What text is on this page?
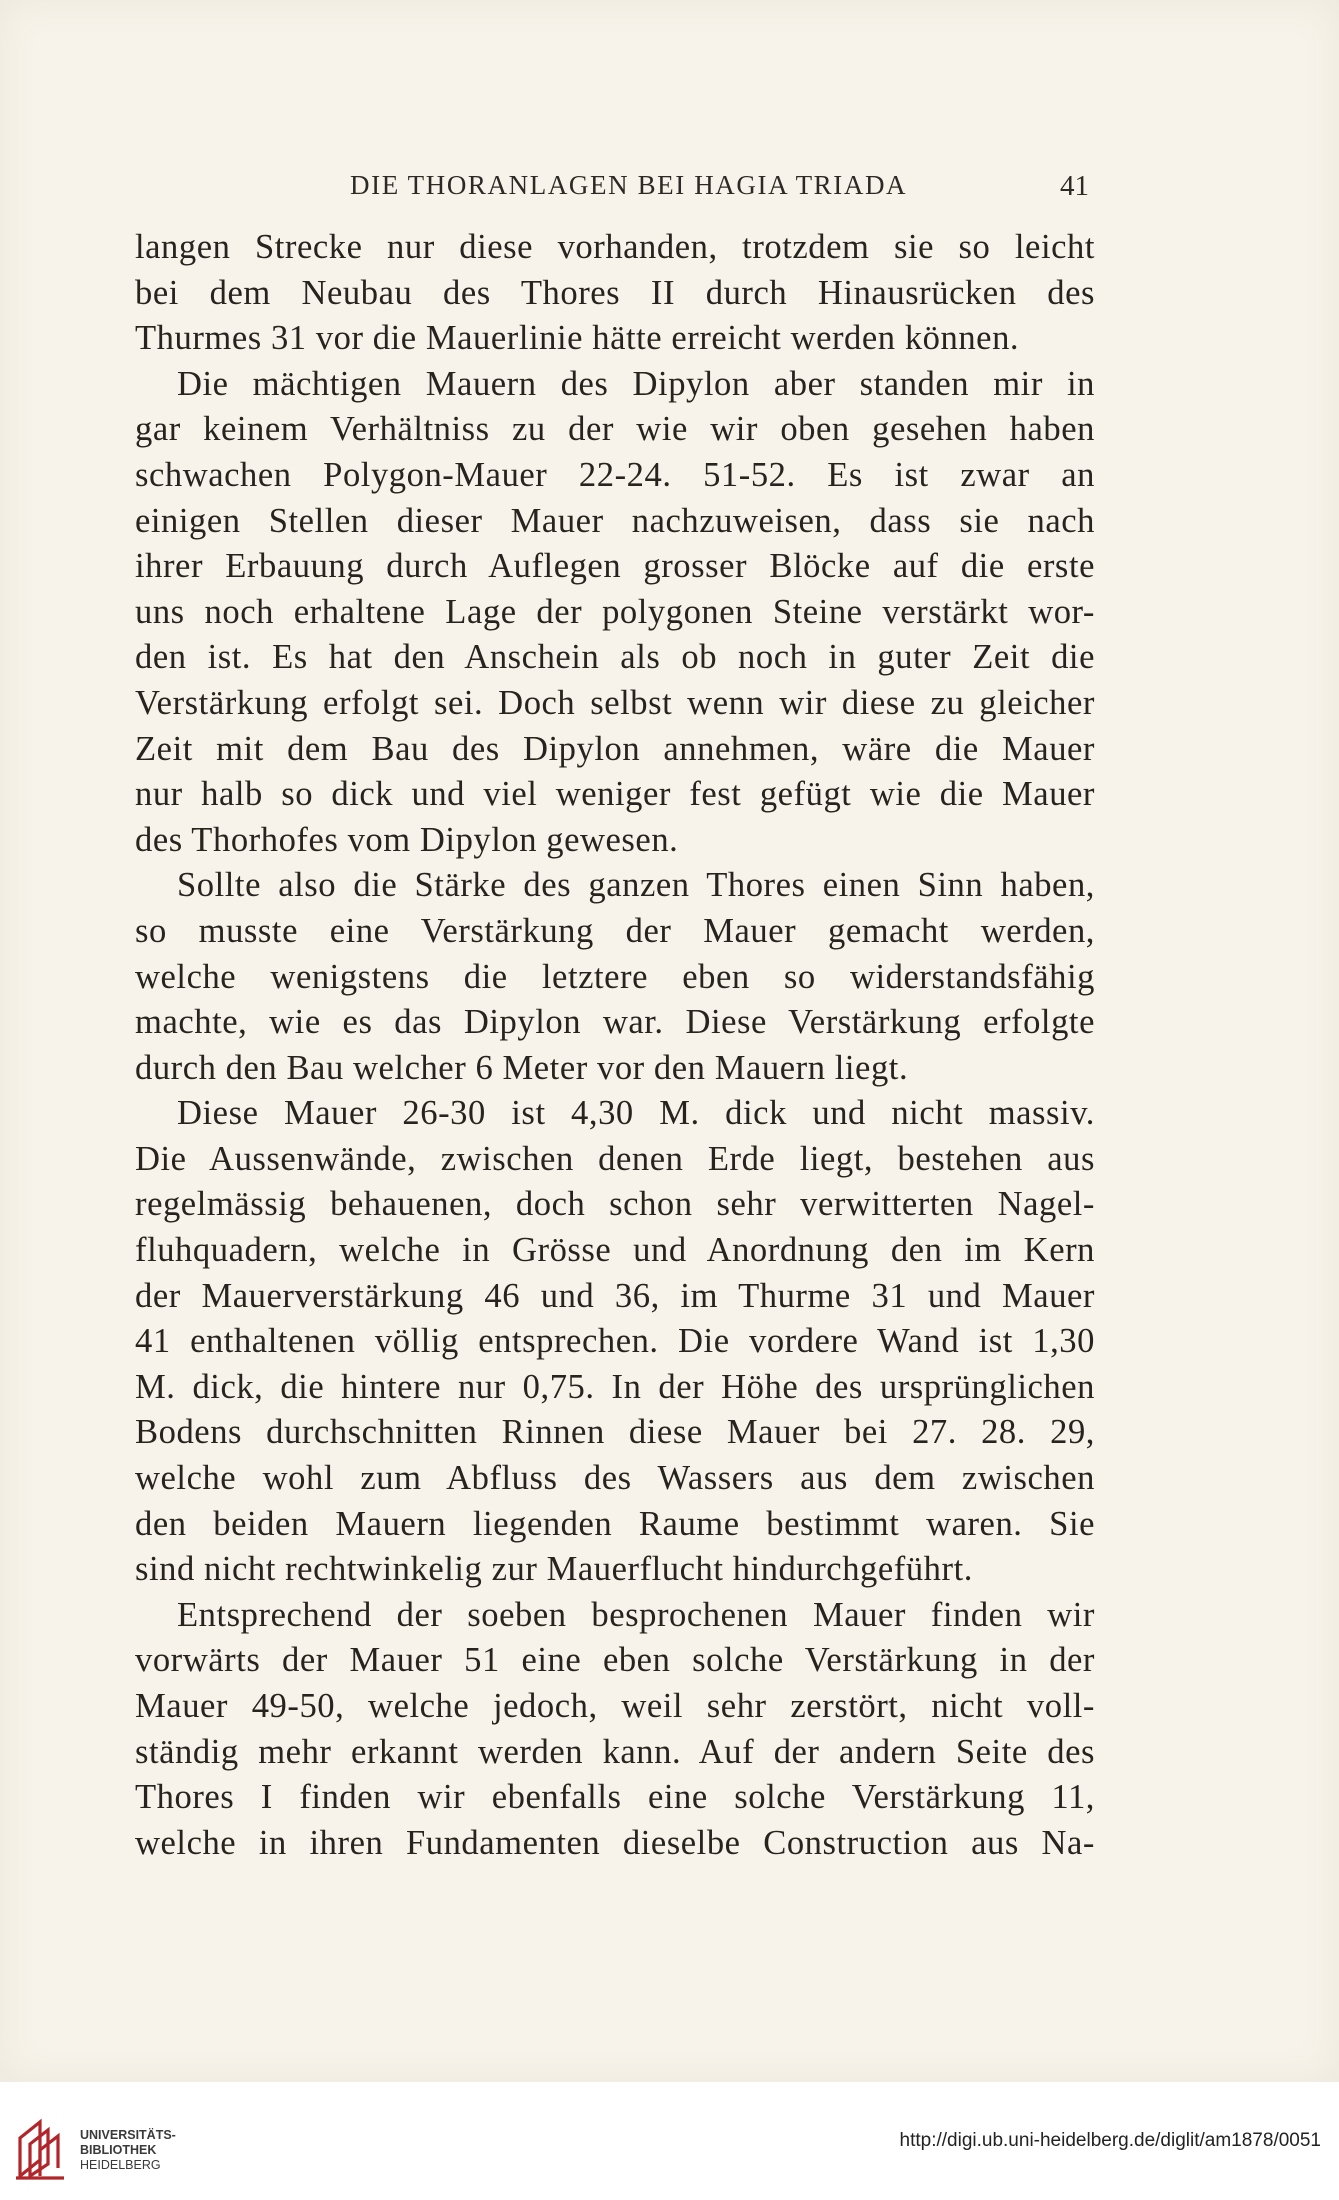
DIE THORANLAGEN BEI HAGIA TRIADA	41
langen Strecke nur diese vorhanden, trotzdem sie so leicht
bei dem Neubau des Thores II durch Hinausrücken des
Thurmes 31 vor die Mauerlinie hätte erreicht werden können.
Die mächtigen Mauern des Dipylon aber standen mir in
gar keinem Verhältniss zu der wie wir oben gesehen haben
schwachen Polygon-Mauer 22-24. 51-52. Es ist zwar an
einigen Stellen dieser Mauer nachzuweisen, dass sie nach
ihrer Erbauung durch Auflegen grosser Blöcke auf die erste
uns noch erhaltene Lage der polygonen Steine verstärkt wor-
den ist. Es hat den Anschein als ob noch in guter Zeit die
Verstärkung erfolgt sei. Doch selbst wenn wir diese zu gleicher
Zeit mit dem Bau des Dipylon annehmen, wäre die Mauer
nur halb so dick und viel weniger fest gefügt wie die Mauer
des Thorhofes vom Dipylon gewesen.
Sollte also die Stärke des ganzen Thores einen Sinn haben,
so musste eine Verstärkung der Mauer gemacht werden,
welche wenigstens die letztere eben so widerstandsfähig
machte, wie es das Dipylon war. Diese Verstärkung erfolgte
durch den Bau welcher 6 Meter vor den Mauern liegt.
Diese Mauer 26-30 ist 4,30 M. dick und nicht massiv.
Die Aussenwände, zwischen denen Erde liegt, bestehen aus
regelmässig behauenen, doch schon sehr verwitterten Nagel-
fluhquadern, welche in Grösse und Anordnung den im Kern
der Mauerverstärkung 46 und 36, im Thurme 31 und Mauer
41 enthaltenen völlig entsprechen. Die vordere Wand ist 1,30
M. dick, die hintere nur 0,75. In der Höhe des ursprünglichen
Bodens durchschnitten Rinnen diese Mauer bei 27. 28. 29,
welche wohl zum Abfluss des Wassers aus dem zwischen
den beiden Mauern liegenden Raume bestimmt waren. Sie
sind nicht rechtwinkelig zur Mauerflucht hindurchgeführt.
Entsprechend der soeben besprochenen Mauer finden wir
vorwärts der Mauer 51 eine eben solche Verstärkung in der
Mauer 49-50, welche jedoch, weil sehr zerstört, nicht voll-
ständig mehr erkannt werden kann. Auf der andern Seite des
Thores I finden wir ebenfalls eine solche Verstärkung 11,
welche in ihren Fundamenten dieselbe Construction aus Na-
UNIVERSITÄTS-
BIBLIOTHEK
HEIDELBERG
http://digi.ub.uni-heidelberg.de/diglit/am1878/0051
